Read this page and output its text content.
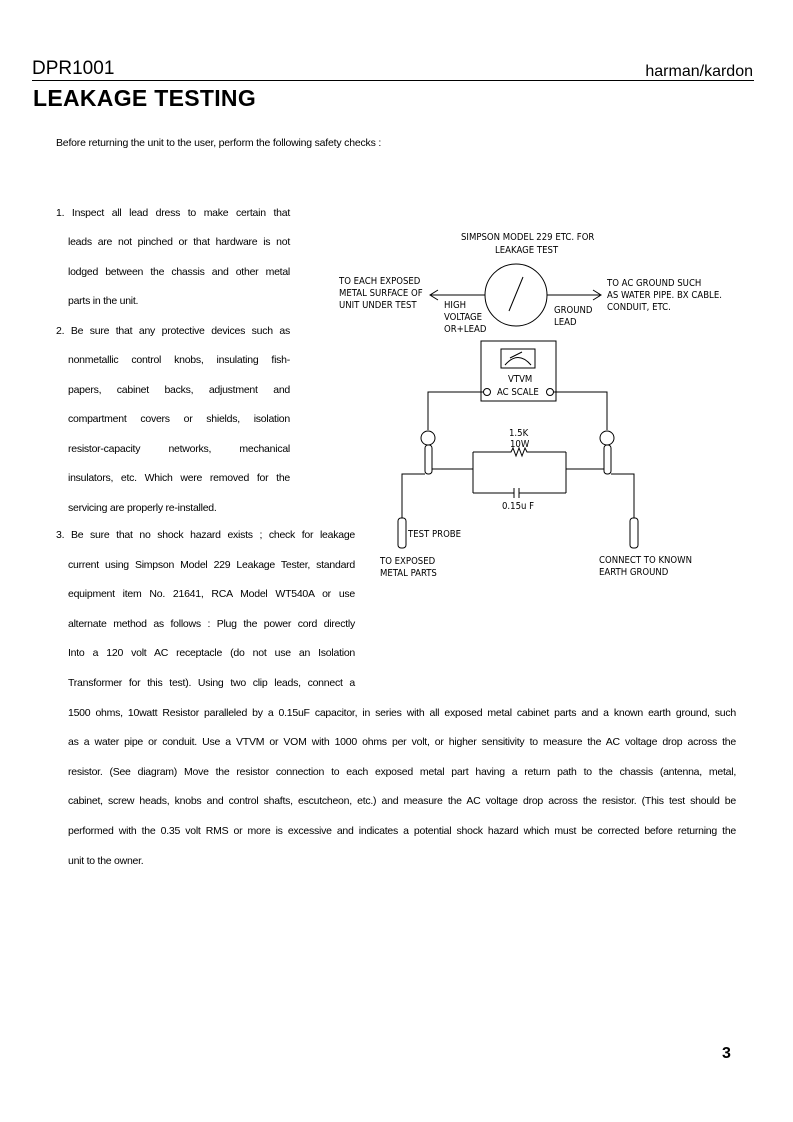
DPR1001	harman/kardon
LEAKAGE TESTING
Before returning the unit to the user, perform the following safety checks :
1. Inspect all lead dress to make certain that
leads are not pinched or that hardware is not
lodged between the chassis and other metal
parts in the unit.
2. Be sure that any protective devices such as
nonmetallic control knobs, insulating fish-
papers, cabinet backs, adjustment and
compartment covers or shields, isolation
resistor-capacity networks, mechanical
insulators, etc. Which were removed for the
servicing are properly re-installed.
3. Be sure that no shock hazard exists ; check for leakage
current using Simpson Model 229 Leakage Tester, standard
equipment item No. 21641, RCA Model WT540A or use
alternate method as follows : Plug the power cord directly
Into a 120 volt AC receptacle (do not use an Isolation
Transformer for this test). Using two clip leads, connect a
1500 ohms, 10watt Resistor paralleled by a 0.15uF capacitor, in series with all exposed metal cabinet parts and a known earth ground, such
as a water pipe or conduit. Use a VTVM or VOM with 1000 ohms per volt, or higher sensitivity to measure the AC voltage drop across the
resistor. (See diagram) Move the resistor connection to each exposed metal part having a return path to the chassis (antenna, metal,
cabinet, screw heads, knobs and control shafts, escutcheon, etc.) and measure the AC voltage drop across the resistor. (This test should be
performed with the 0.35 volt RMS or more is excessive and indicates a potential shock hazard which must be corrected before returning the
unit to the owner.
SIMPSON MODEL 229 ETC. FOR
LEAKAGE TEST
TO EACH EXPOSED
METAL SURFACE OF
UNIT UNDER TEST
TO AC GROUND SUCH
AS WATER PIPE. BX CABLE.
CONDUIT, ETC.
HIGH
VOLTAGE
OR+LEAD
GROUND
LEAD
VTVM
AC SCALE
1.5K
10W
0.15u F
TEST PROBE
TO EXPOSED
METAL PARTS
CONNECT TO KNOWN
EARTH GROUND
3
